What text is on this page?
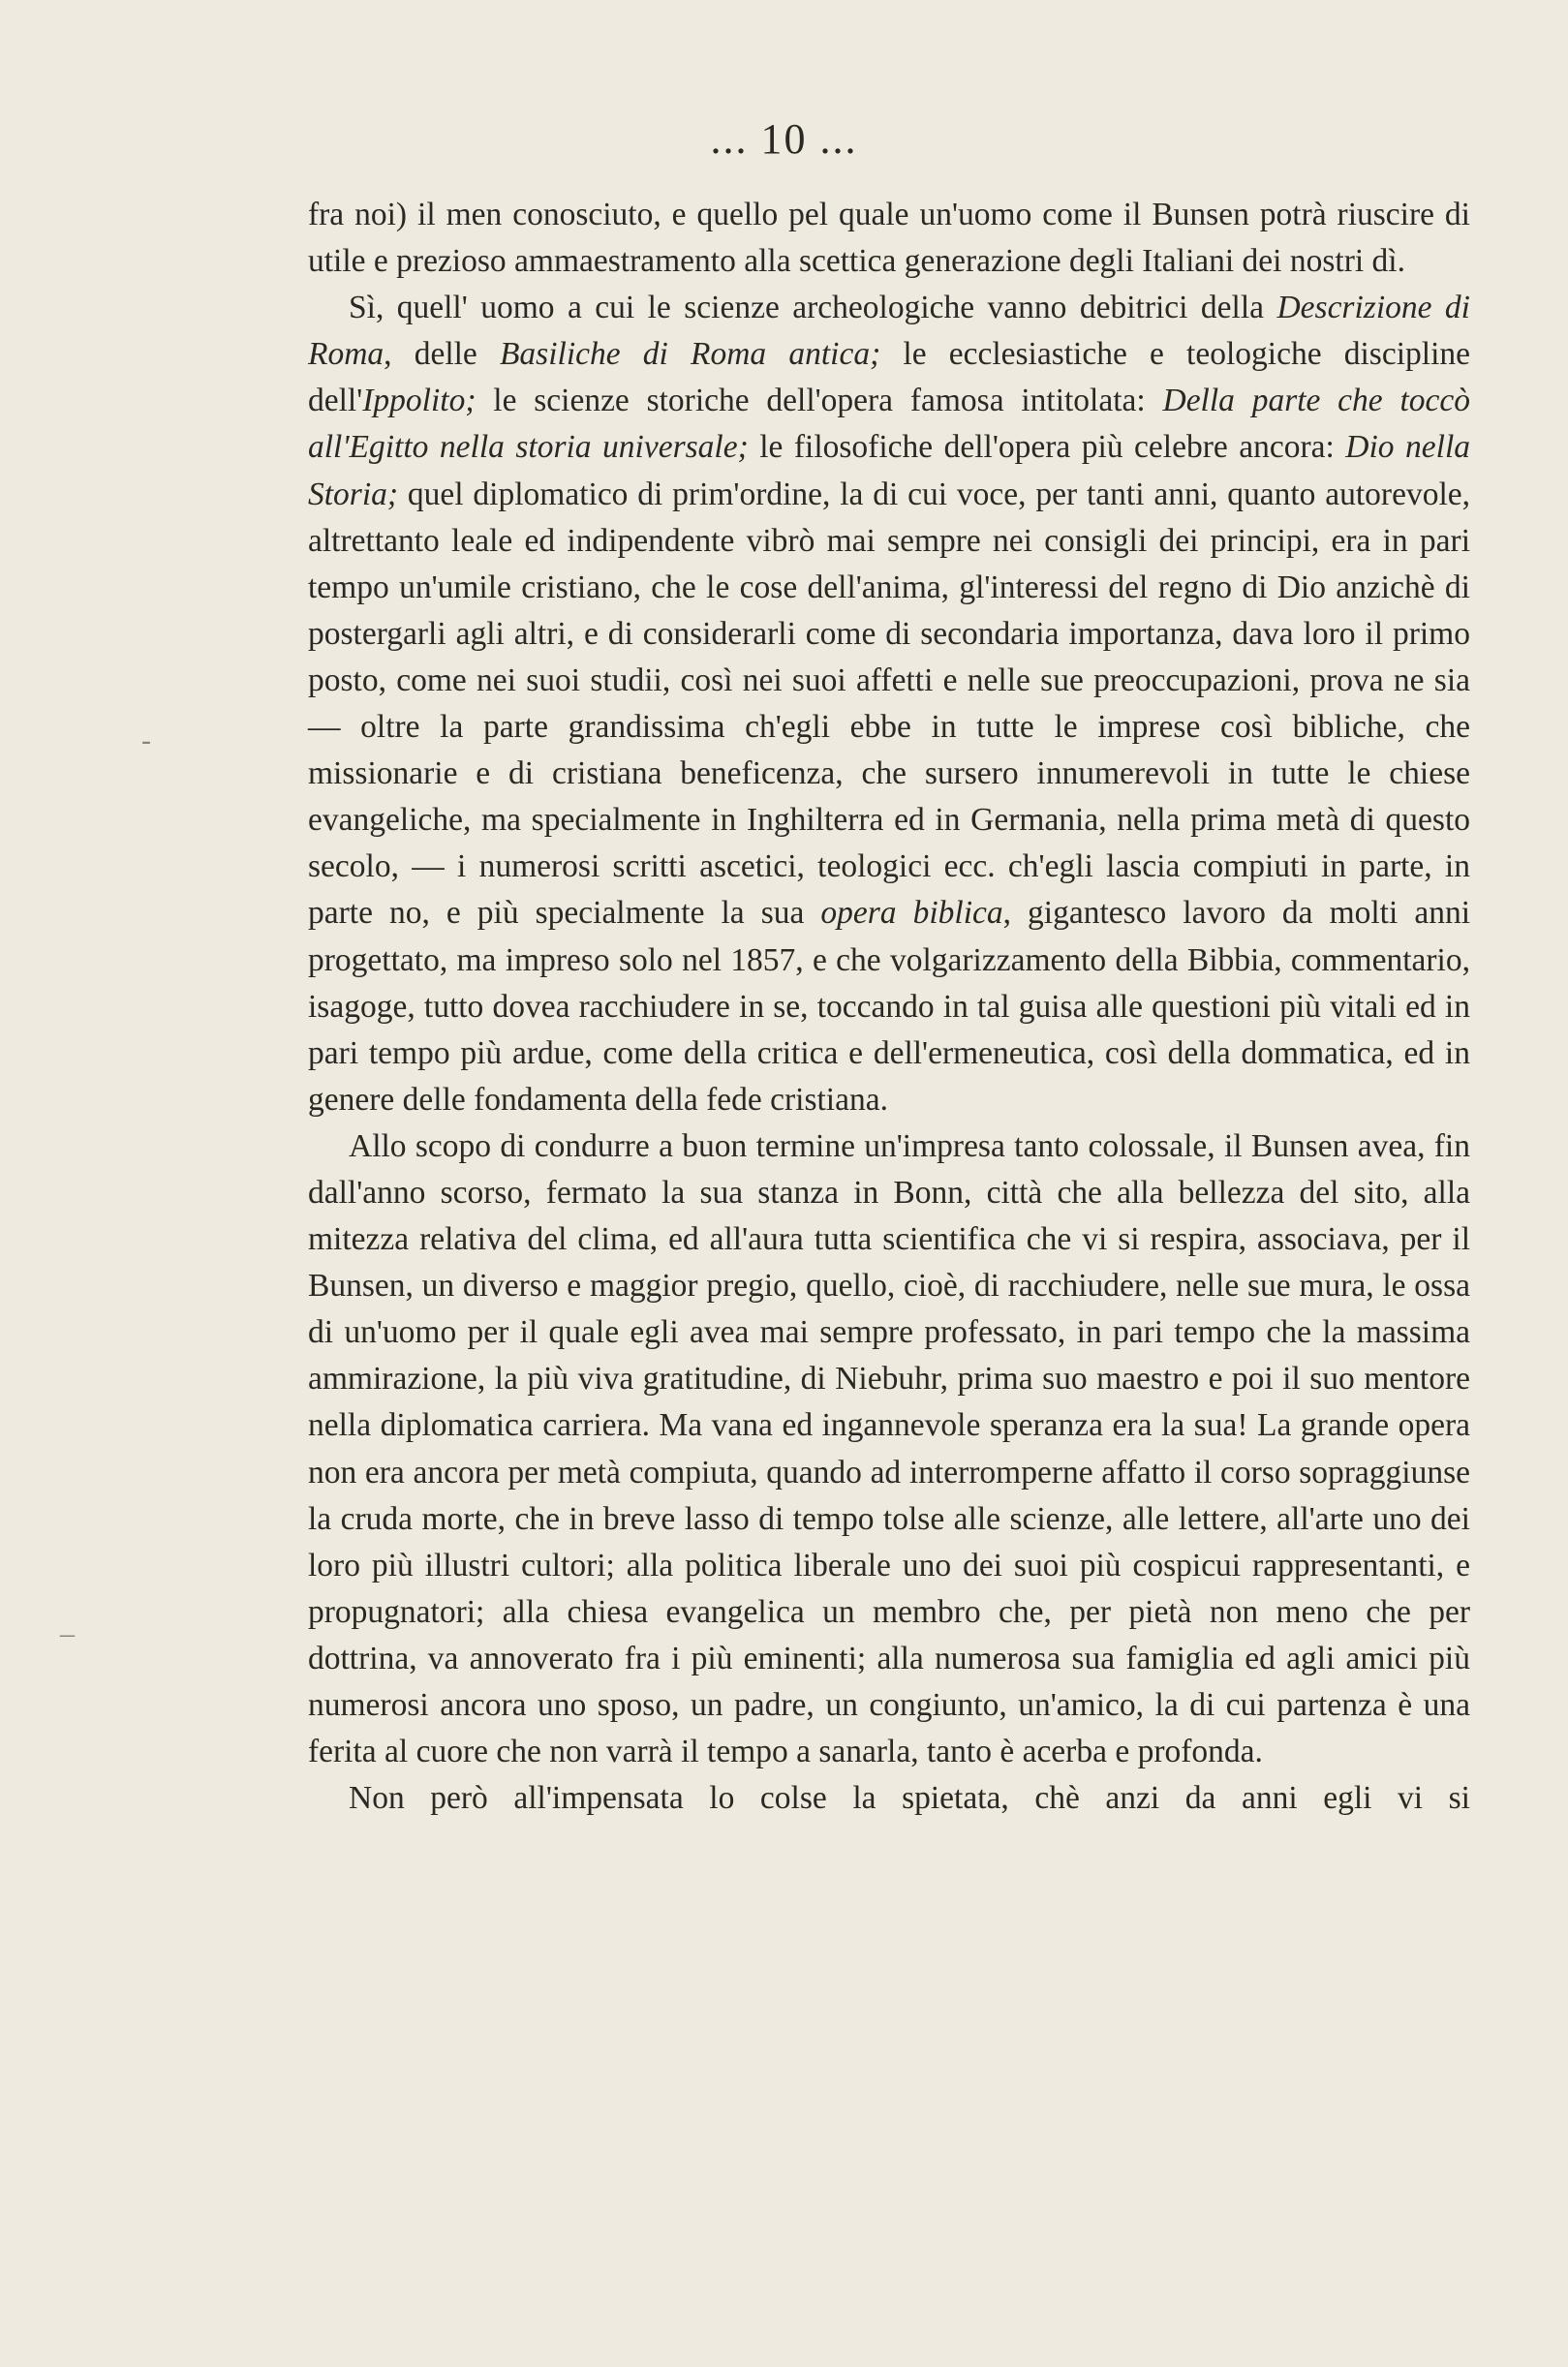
... 10 ...

fra noi) il men conosciuto, e quello pel quale un'uomo come il Bunsen potrà riuscire di utile e prezioso ammaestramento alla scettica generazione degli Italiani dei nostri dì.

Sì, quell' uomo a cui le scienze archeologiche vanno debitrici della Descrizione di Roma, delle Basiliche di Roma antica; le ecclesiastiche e teologiche discipline dell'Ippolito; le scienze storiche dell'opera famosa intitolata: Della parte che toccò all'Egitto nella storia universale; le filosofiche dell'opera più celebre ancora: Dio nella Storia; quel diplomatico di prim'ordine, la di cui voce, per tanti anni, quanto autorevole, altrettanto leale ed indipendente vibrò mai sempre nei consigli dei principi, era in pari tempo un'umile cristiano, che le cose dell'anima, gl'interessi del regno di Dio anzichè di postergarli agli altri, e di considerarli come di secondaria importanza, dava loro il primo posto, come nei suoi studii, così nei suoi affetti e nelle sue preoccupazioni, prova ne sia — oltre la parte grandissima ch'egli ebbe in tutte le imprese così bibliche, che missionarie e di cristiana beneficenza, che sursero innumerevoli in tutte le chiese evangeliche, ma specialmente in Inghilterra ed in Germania, nella prima metà di questo secolo, — i numerosi scritti ascetici, teologici ecc. ch'egli lascia compiuti in parte, in parte no, e più specialmente la sua opera biblica, gigantesco lavoro da molti anni progettato, ma impreso solo nel 1857, e che volgarizzamento della Bibbia, commentario, isagoge, tutto dovea racchiudere in se, toccando in tal guisa alle questioni più vitali ed in pari tempo più ardue, come della critica e dell'ermeneutica, così della dommatica, ed in genere delle fondamenta della fede cristiana.

Allo scopo di condurre a buon termine un'impresa tanto colossale, il Bunsen avea, fin dall'anno scorso, fermato la sua stanza in Bonn, città che alla bellezza del sito, alla mitezza relativa del clima, ed all'aura tutta scientifica che vi si respira, associava, per il Bunsen, un diverso e maggior pregio, quello, cioè, di racchiudere, nelle sue mura, le ossa di un'uomo per il quale egli avea mai sempre professato, in pari tempo che la massima ammirazione, la più viva gratitudine, di Niebuhr, prima suo maestro e poi il suo mentore nella diplomatica carriera. Ma vana ed ingannevole speranza era la sua! La grande opera non era ancora per metà compiuta, quando ad interromperne affatto il corso sopraggiunse la cruda morte, che in breve lasso di tempo tolse alle scienze, alle lettere, all'arte uno dei loro più illustri cultori; alla politica liberale uno dei suoi più cospicui rappresentanti, e propugnatori; alla chiesa evangelica un membro che, per pietà non meno che per dottrina, va annoverato fra i più eminenti; alla numerosa sua famiglia ed agli amici più numerosi ancora uno sposo, un padre, un congiunto, un'amico, la di cui partenza è una ferita al cuore che non varrà il tempo a sanarla, tanto è acerba e profonda.

Non però all'impensata lo colse la spietata, chè anzi da anni egli vi si

-
–
